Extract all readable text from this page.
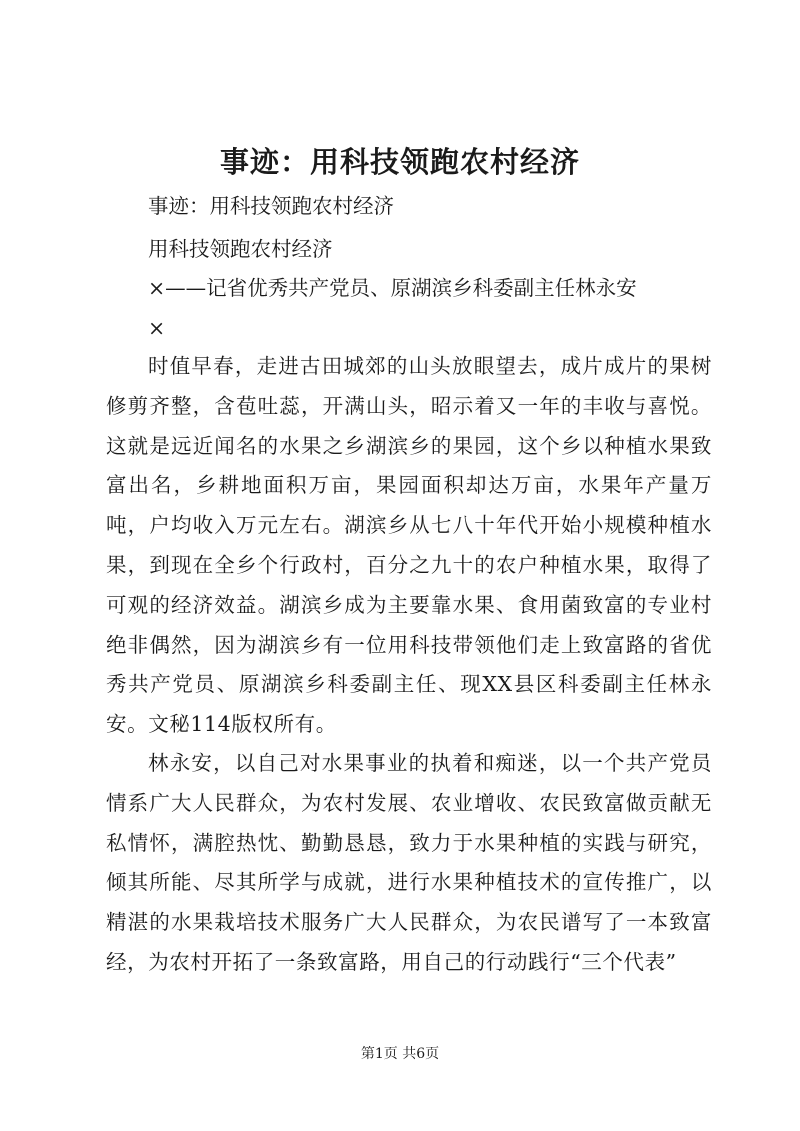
事迹：用科技领跑农村经济

事迹：用科技领跑农村经济

用科技领跑农村经济

×——记省优秀共产党员、原湖滨乡科委副主任林永安

×

时值早春，走进古田城郊的山头放眼望去，成片成片的果树修剪齐整，含苞吐蕊，开满山头，昭示着又一年的丰收与喜悦。这就是远近闻名的水果之乡湖滨乡的果园，这个乡以种植水果致富出名，乡耕地面积万亩，果园面积却达万亩，水果年产量万吨，户均收入万元左右。湖滨乡从七八十年代开始小规模种植水果，到现在全乡个行政村，百分之九十的农户种植水果，取得了可观的经济效益。湖滨乡成为主要靠水果、食用菌致富的专业村绝非偶然，因为湖滨乡有一位用科技带领他们走上致富路的省优秀共产党员、原湖滨乡科委副主任、现XX县区科委副主任林永安。文秘114版权所有。

林永安，以自己对水果事业的执着和痴迷，以一个共产党员情系广大人民群众，为农村发展、农业增收、农民致富做贡献无私情怀，满腔热忱、勤勤恳恳，致力于水果种植的实践与研究，倾其所能、尽其所学与成就，进行水果种植技术的宣传推广，以精湛的水果栽培技术服务广大人民群众，为农民谱写了一本致富经，为农村开拓了一条致富路，用自己的行动践行“三个代表”

第1页 共6页
